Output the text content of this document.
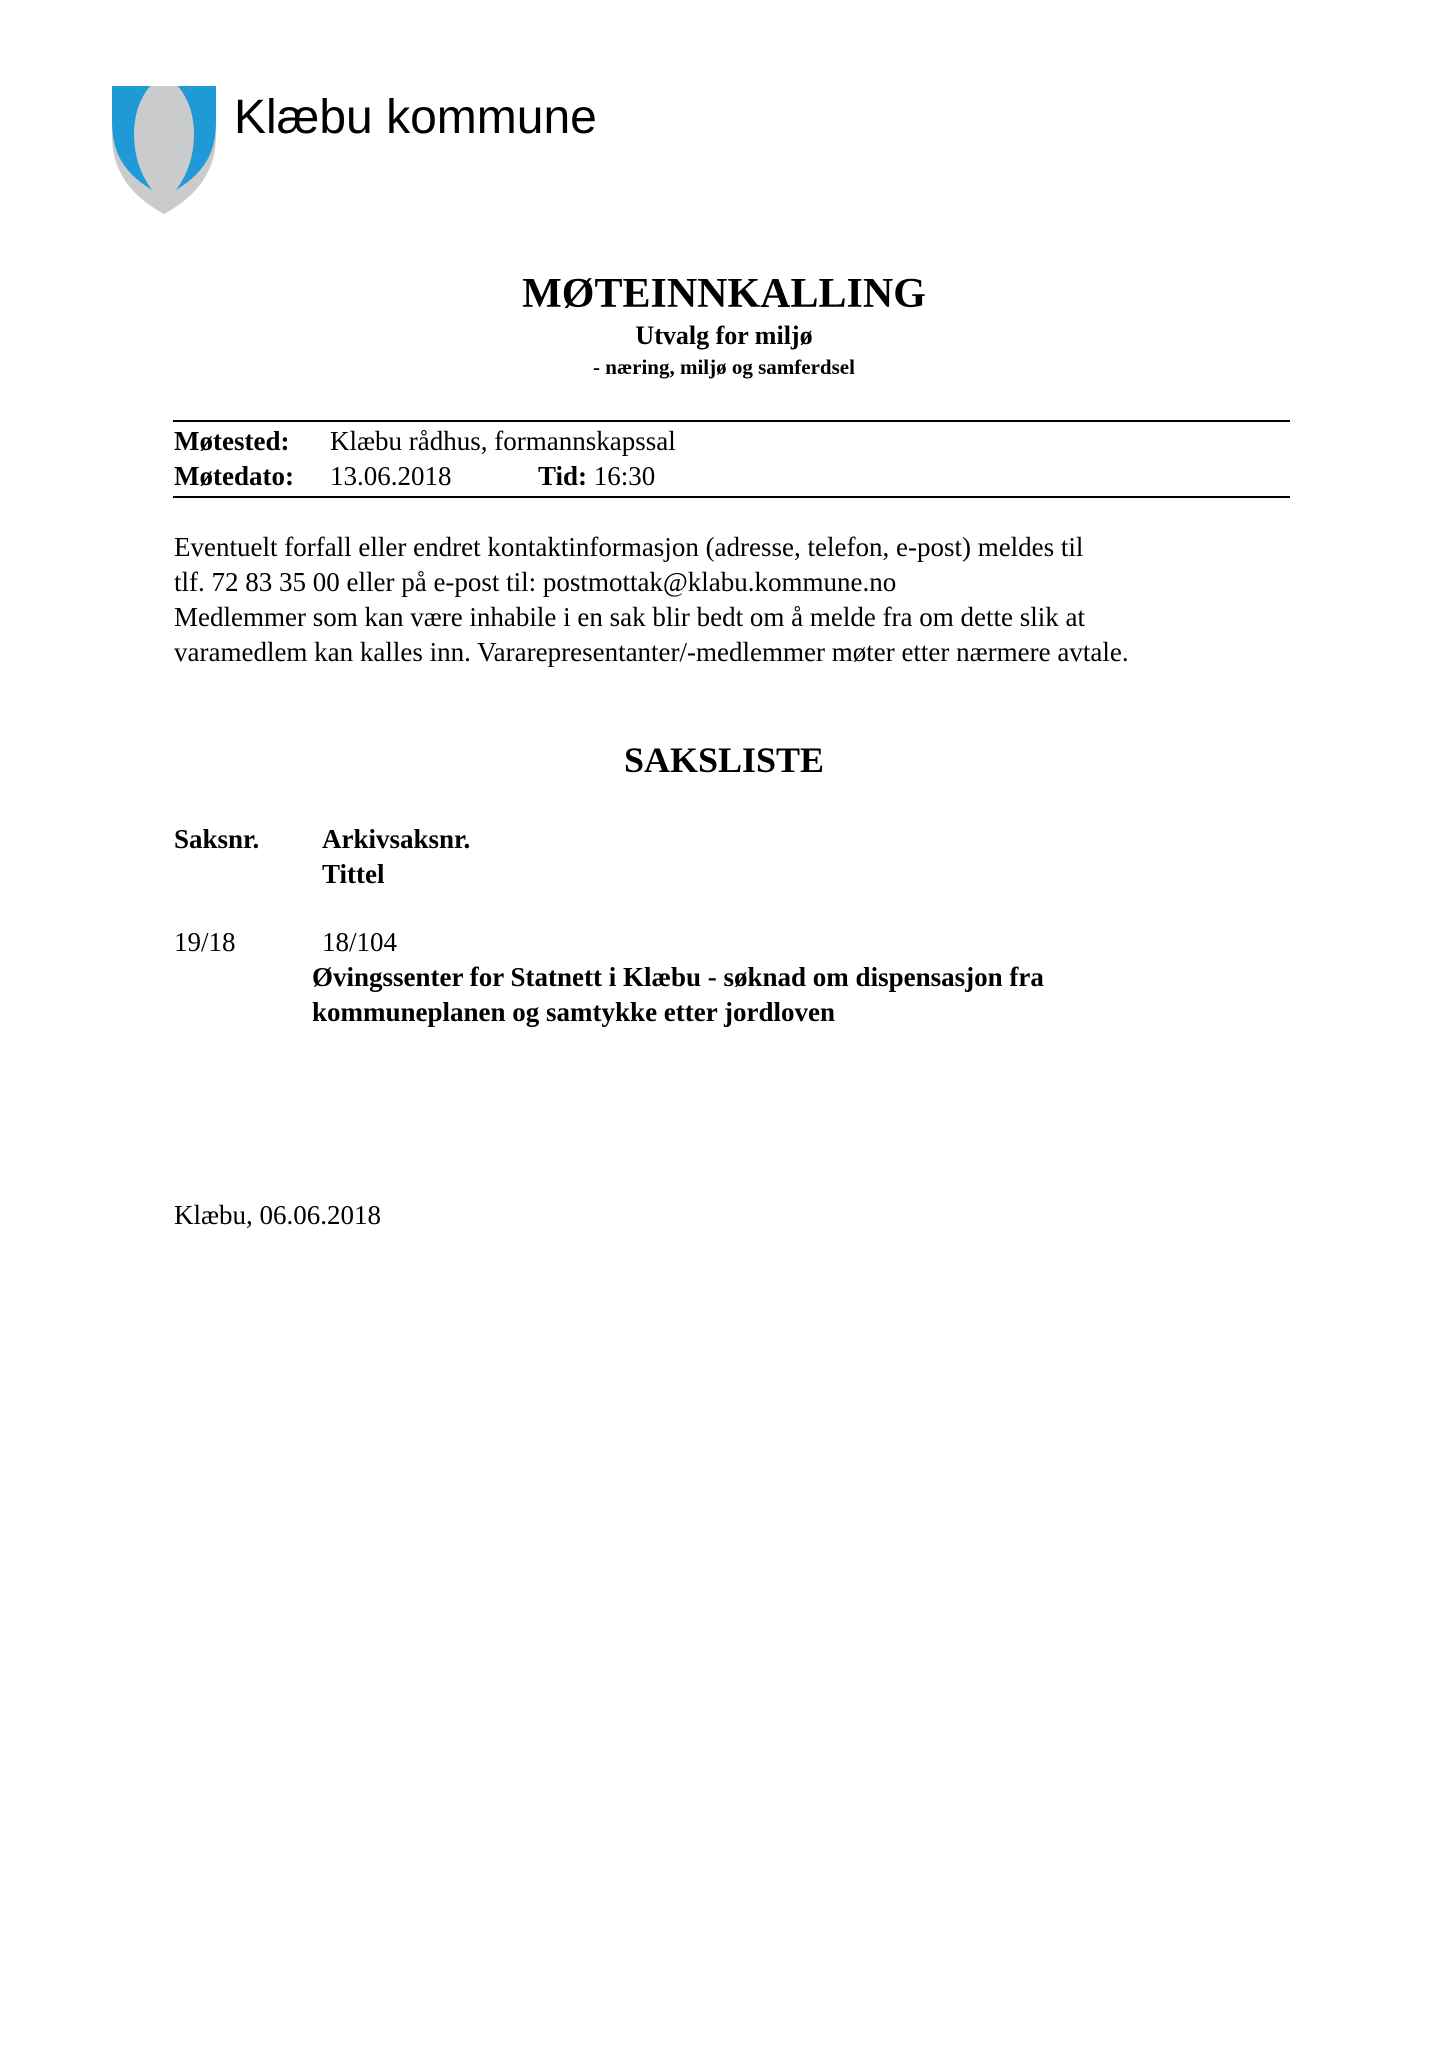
Klæbu kommune
MØTEINNKALLING
Utvalg for miljø
- næring, miljø og samferdsel
Møtested: Klæbu rådhus, formannskapssal
Møtedato: 13.06.2018	Tid: 16:30
Eventuelt forfall eller endret kontaktinformasjon (adresse, telefon, e-post) meldes til
tlf. 72 83 35 00 eller på e-post til: postmottak@klabu.kommune.no
Medlemmer som kan være inhabile i en sak blir bedt om å melde fra om dette slik at
varamedlem kan kalles inn. Vararepresentanter/-medlemmer møter etter nærmere avtale.
SAKSLISTE
Saksnr. Arkivsaksnr.
Tittel
19/18	18/104
Øvingssenter for Statnett i Klæbu - søknad om dispensasjon fra
kommuneplanen og samtykke etter jordloven
Klæbu, 06.06.2018
